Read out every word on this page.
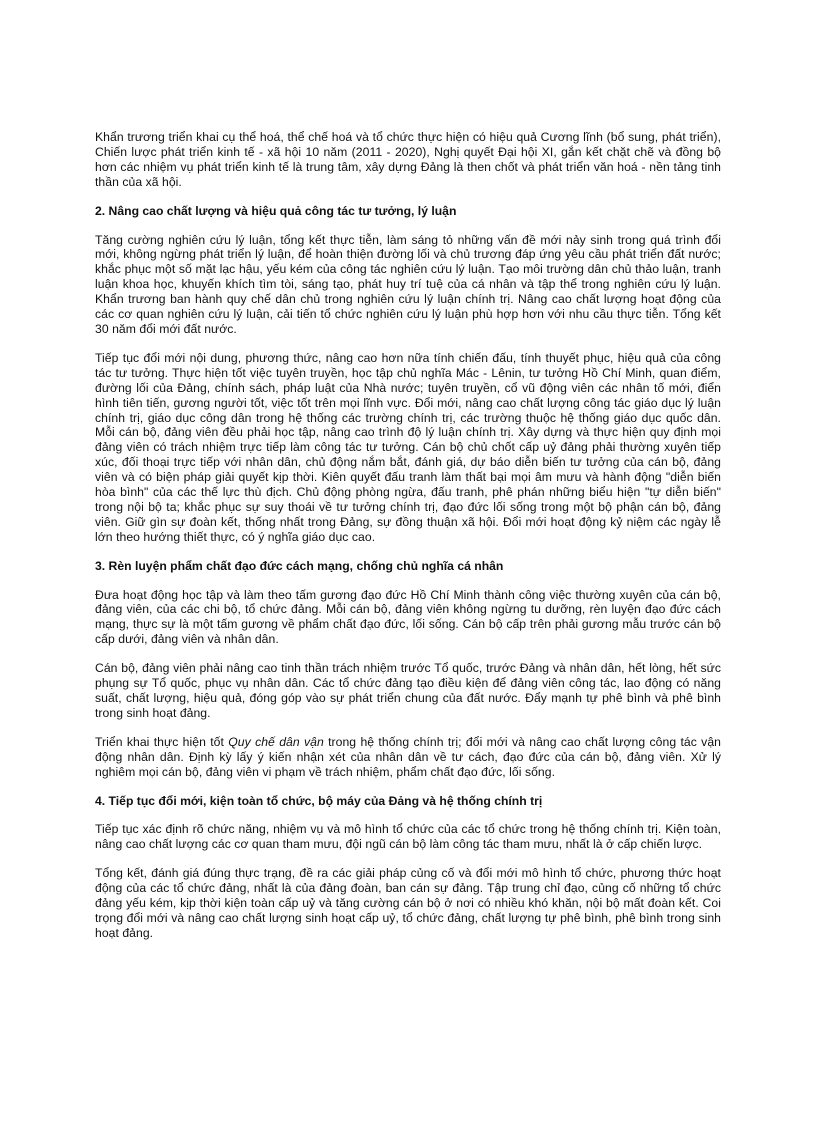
Khẩn trương triển khai cụ thể hoá, thể chế hoá và tổ chức thực hiện có hiệu quả Cương lĩnh (bổ sung, phát triển), Chiến lược phát triển kinh tế - xã hội 10 năm (2011 - 2020), Nghị quyết Đại hội XI, gắn kết chặt chẽ và đồng bộ hơn các nhiệm vụ phát triển kinh tế là trung tâm, xây dựng Đảng là then chốt và phát triển văn hoá - nền tảng tinh thần của xã hội.

2. Nâng cao chất lượng và hiệu quả công tác tư tưởng, lý luận

Tăng cường nghiên cứu lý luận, tổng kết thực tiễn, làm sáng tỏ những vấn đề mới nảy sinh trong quá trình đổi mới, không ngừng phát triển lý luận, để hoàn thiện đường lối và chủ trương đáp ứng yêu cầu phát triển đất nước; khắc phục một số mặt lạc hậu, yếu kém của công tác nghiên cứu lý luận. Tạo môi trường dân chủ thảo luận, tranh luận khoa học, khuyến khích tìm tòi, sáng tạo, phát huy trí tuệ của cá nhân và tập thể trong nghiên cứu lý luận. Khẩn trương ban hành quy chế dân chủ trong nghiên cứu lý luận chính trị. Nâng cao chất lượng hoạt động của các cơ quan nghiên cứu lý luận, cải tiến tổ chức nghiên cứu lý luận phù hợp hơn với nhu cầu thực tiễn. Tổng kết 30 năm đổi mới đất nước.

Tiếp tục đổi mới nội dung, phương thức, nâng cao hơn nữa tính chiến đấu, tính thuyết phục, hiệu quả của công tác tư tưởng. Thực hiện tốt việc tuyên truyền, học tập chủ nghĩa Mác - Lênin, tư tưởng Hồ Chí Minh, quan điểm, đường lối của Đảng, chính sách, pháp luật của Nhà nước; tuyên truyền, cổ vũ động viên các nhân tố mới, điển hình tiên tiến, gương người tốt, việc tốt trên mọi lĩnh vực. Đổi mới, nâng cao chất lượng công tác giáo dục lý luận chính trị, giáo dục công dân trong hệ thống các trường chính trị, các trường thuộc hệ thống giáo dục quốc dân. Mỗi cán bộ, đảng viên đều phải học tập, nâng cao trình độ lý luận chính trị. Xây dựng và thực hiện quy định mọi đảng viên có trách nhiệm trực tiếp làm công tác tư tưởng. Cán bộ chủ chốt cấp uỷ đảng phải thường xuyên tiếp xúc, đối thoại trực tiếp với nhân dân, chủ động nắm bắt, đánh giá, dự báo diễn biến tư tưởng của cán bộ, đảng viên và có biện pháp giải quyết kịp thời. Kiên quyết đấu tranh làm thất bại mọi âm mưu và hành động "diễn biến hòa bình" của các thế lực thù địch. Chủ động phòng ngừa, đấu tranh, phê phán những biểu hiện "tự diễn biến" trong nội bộ ta; khắc phục sự suy thoái về tư tưởng chính trị, đạo đức lối sống trong một bộ phận cán bộ, đảng viên. Giữ gìn sự đoàn kết, thống nhất trong Đảng, sự đồng thuận xã hội. Đổi mới hoạt động kỷ niệm các ngày lễ lớn theo hướng thiết thực, có ý nghĩa giáo dục cao.

3. Rèn luyện phẩm chất đạo đức cách mạng, chống chủ nghĩa cá nhân

Đưa hoạt động học tập và làm theo tấm gương đạo đức Hồ Chí Minh thành công việc thường xuyên của cán bộ, đảng viên, của các chi bộ, tổ chức đảng. Mỗi cán bộ, đảng viên không ngừng tu dưỡng, rèn luyện đạo đức cách mạng, thực sự là một tấm gương về phẩm chất đạo đức, lối sống. Cán bộ cấp trên phải gương mẫu trước cán bộ cấp dưới, đảng viên và nhân dân.

Cán bộ, đảng viên phải nâng cao tinh thần trách nhiệm trước Tổ quốc, trước Đảng và nhân dân, hết lòng, hết sức phụng sự Tổ quốc, phục vụ nhân dân. Các tổ chức đảng tạo điều kiện để đảng viên công tác, lao động có năng suất, chất lượng, hiệu quả, đóng góp vào sự phát triển chung của đất nước. Đẩy mạnh tự phê bình và phê bình trong sinh hoạt đảng.

Triển khai thực hiện tốt Quy chế dân vận trong hệ thống chính trị; đổi mới và nâng cao chất lượng công tác vận động nhân dân. Định kỳ lấy ý kiến nhận xét của nhân dân về tư cách, đạo đức của cán bộ, đảng viên. Xử lý nghiêm mọi cán bộ, đảng viên vi phạm về trách nhiệm, phẩm chất đạo đức, lối sống.

4. Tiếp tục đổi mới, kiện toàn tổ chức, bộ máy của Đảng và hệ thống chính trị

Tiếp tục xác định rõ chức năng, nhiệm vụ và mô hình tổ chức của các tổ chức trong hệ thống chính trị. Kiện toàn, nâng cao chất lượng các cơ quan tham mưu, đội ngũ cán bộ làm công tác tham mưu, nhất là ở cấp chiến lược.

Tổng kết, đánh giá đúng thực trạng, đề ra các giải pháp củng cố và đổi mới mô hình tổ chức, phương thức hoạt động của các tổ chức đảng, nhất là của đảng đoàn, ban cán sự đảng. Tập trung chỉ đạo, củng cố những tổ chức đảng yếu kém, kịp thời kiện toàn cấp uỷ và tăng cường cán bộ ở nơi có nhiều khó khăn, nội bộ mất đoàn kết. Coi trọng đổi mới và nâng cao chất lượng sinh hoạt cấp uỷ, tổ chức đảng, chất lượng tự phê bình, phê bình trong sinh hoạt đảng.
